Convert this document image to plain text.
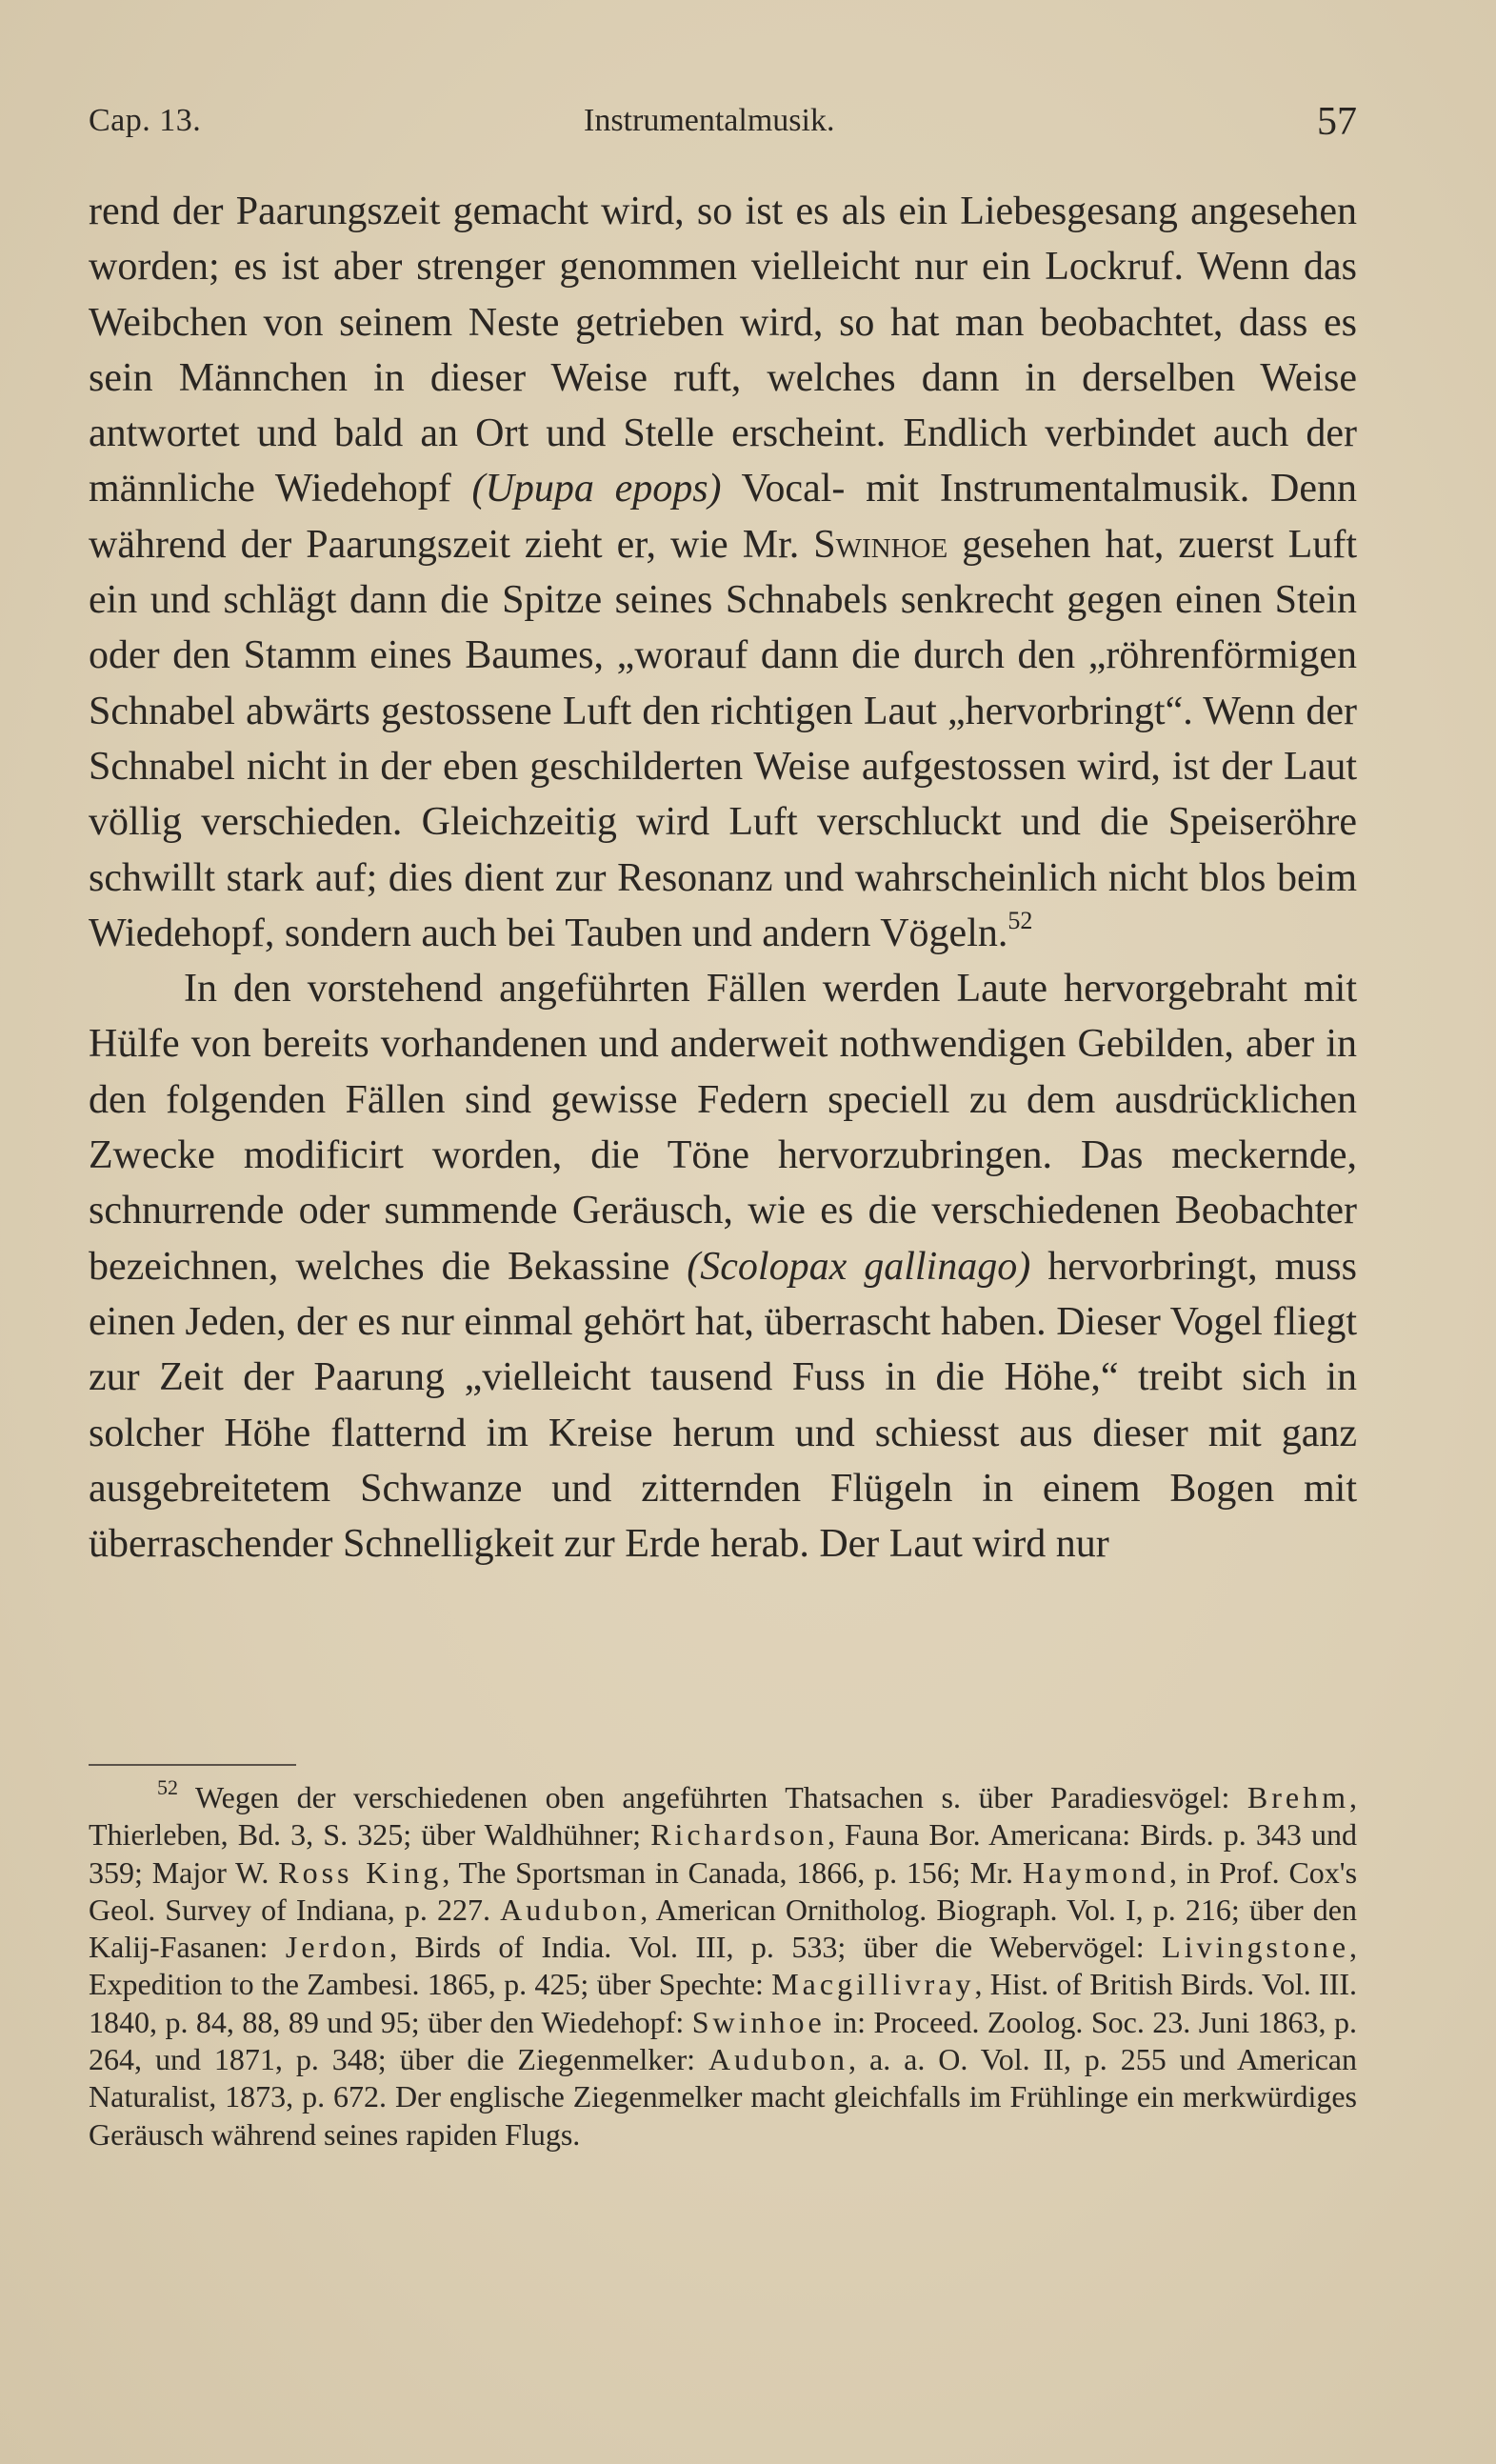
Cap. 13.	Instrumentalmusik.	57

rend der Paarungszeit gemacht wird, so ist es als ein Liebesgesang angesehen worden; es ist aber strenger genommen vielleicht nur ein Lockruf. Wenn das Weibchen von seinem Neste getrieben wird, so hat man beobachtet, dass es sein Männchen in dieser Weise ruft, welches dann in derselben Weise antwortet und bald an Ort und Stelle erscheint. Endlich verbindet auch der männliche Wiedehopf (Upupa epops) Vocal- mit Instrumentalmusik. Denn während der Paarungszeit zieht er, wie Mr. Swinhoe gesehen hat, zuerst Luft ein und schlägt dann die Spitze seines Schnabels senkrecht gegen einen Stein oder den Stamm eines Baumes, „worauf dann die durch den „röhrenförmigen Schnabel abwärts gestossene Luft den richtigen Laut „hervorbringt“. Wenn der Schnabel nicht in der eben geschilderten Weise aufgestossen wird, ist der Laut völlig verschieden. Gleichzeitig wird Luft verschluckt und die Speiseröhre schwillt stark auf; dies dient zur Resonanz und wahrscheinlich nicht blos beim Wiedehopf, sondern auch bei Tauben und andern Vögeln.$^{52}$

In den vorstehend angeführten Fällen werden Laute hervorgebraht mit Hülfe von bereits vorhandenen und anderweit nothwendigen Gebilden, aber in den folgenden Fällen sind gewisse Federn speciell zu dem ausdrücklichen Zwecke modificirt worden, die Töne hervorzubringen. Das meckernde, schnurrende oder summende Geräusch, wie es die verschiedenen Beobachter bezeichnen, welches die Bekassine (Scolopax gallinago) hervorbringt, muss einen Jeden, der es nur einmal gehört hat, überrascht haben. Dieser Vogel fliegt zur Zeit der Paarung „vielleicht tausend Fuss in die Höhe,“ treibt sich in solcher Höhe flatternd im Kreise herum und schiesst aus dieser mit ganz ausgebreitetem Schwanze und zitternden Flügeln in einem Bogen mit überraschender Schnelligkeit zur Erde herab. Der Laut wird nur

$^{52}$ Wegen der verschiedenen oben angeführten Thatsachen s. über Paradiesvögel: Brehm, Thierleben, Bd. 3, S. 325; über Waldhühner; Richardson, Fauna Bor. Americana: Birds. p. 343 und 359; Major W. Ross King, The Sportsman in Canada, 1866, p. 156; Mr. Haymond, in Prof. Cox's Geol. Survey of Indiana, p. 227. Audubon, American Ornitholog. Biograph. Vol. I, p. 216; über den Kalij-Fasanen: Jerdon, Birds of India. Vol. III, p. 533; über die Webervögel: Livingstone, Expedition to the Zambesi. 1865, p. 425; über Spechte: Macgillivray, Hist. of British Birds. Vol. III. 1840, p. 84, 88, 89 und 95; über den Wiedehopf: Swinhoe in: Proceed. Zoolog. Soc. 23. Juni 1863, p. 264, und 1871, p. 348; über die Ziegenmelker: Audubon, a. a. O. Vol. II, p. 255 und American Naturalist, 1873, p. 672. Der englische Ziegenmelker macht gleichfalls im Frühlinge ein merkwürdiges Geräusch während seines rapiden Flugs.
